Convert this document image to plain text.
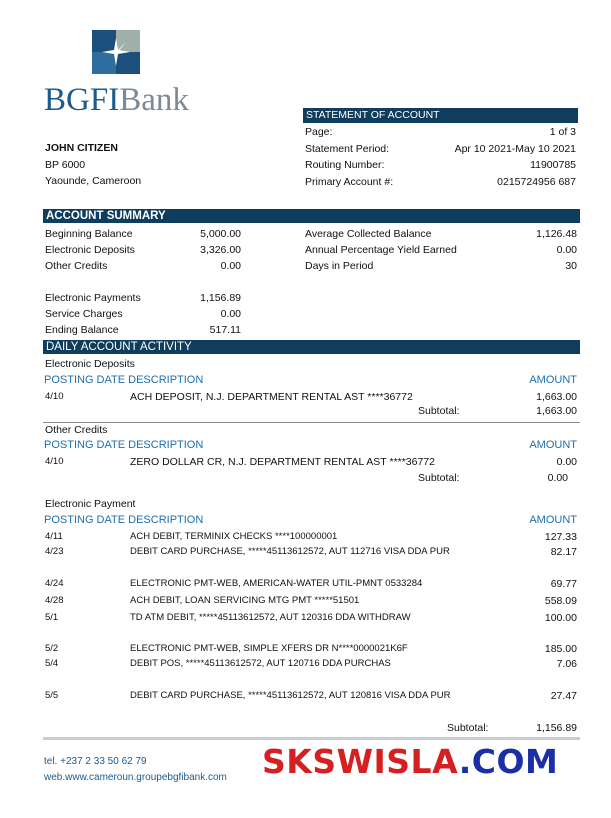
BGFIBank
JOHN CITIZEN
BP 6000
Yaounde, Cameroon
STATEMENT OF ACCOUNT
Page:	1 of 3
Statement Period:	Apr 10 2021-May 10 2021
Routing Number:	11900785
Primary Account #:	0215724956 687
ACCOUNT SUMMARY
Beginning Balance	5,000.00
Electronic Deposits	3,326.00
Other Credits	0.00
Electronic Payments	1,156.89
Service Charges	0.00
Ending Balance	517.11
Average Collected Balance	1,126.48
Annual Percentage Yield Earned	0.00
Days in Period	30
DAILY ACCOUNT ACTIVITY
Electronic Deposits
POSTING DATE DESCRIPTION	AMOUNT
4/10	ACH DEPOSIT, N.J. DEPARTMENT RENTAL AST ****36772	1,663.00
Subtotal:	1,663.00
Other Credits
POSTING DATE DESCRIPTION	AMOUNT
4/10	ZERO DOLLAR CR, N.J. DEPARTMENT RENTAL AST ****36772	0.00
Subtotal:	0.00
Electronic Payment
POSTING DATE DESCRIPTION	AMOUNT
4/11	ACH DEBIT, TERMINIX CHECKS ****100000001	127.33
4/23	DEBIT CARD PURCHASE, *****45113612572, AUT 112716 VISA DDA PUR	82.17
4/24	ELECTRONIC PMT-WEB, AMERICAN-WATER UTIL-PMNT 0533284	69.77
4/28	ACH DEBIT, LOAN SERVICING MTG PMT *****51501	558.09
5/1	TD ATM DEBIT, *****45113612572, AUT 120316 DDA WITHDRAW	100.00
5/2	ELECTRONIC PMT-WEB, SIMPLE XFERS DR N****0000021K6F	185.00
5/4	DEBIT POS, *****45113612572, AUT 120716 DDA PURCHAS	7.06
5/5	DEBIT CARD PURCHASE, *****45113612572, AUT 120816 VISA DDA PUR	27.47
Subtotal:	1,156.89
tel. +237 2 33 50 62 79
web.www.cameroun.groupebgfibank.com SKSWISLA.COM
